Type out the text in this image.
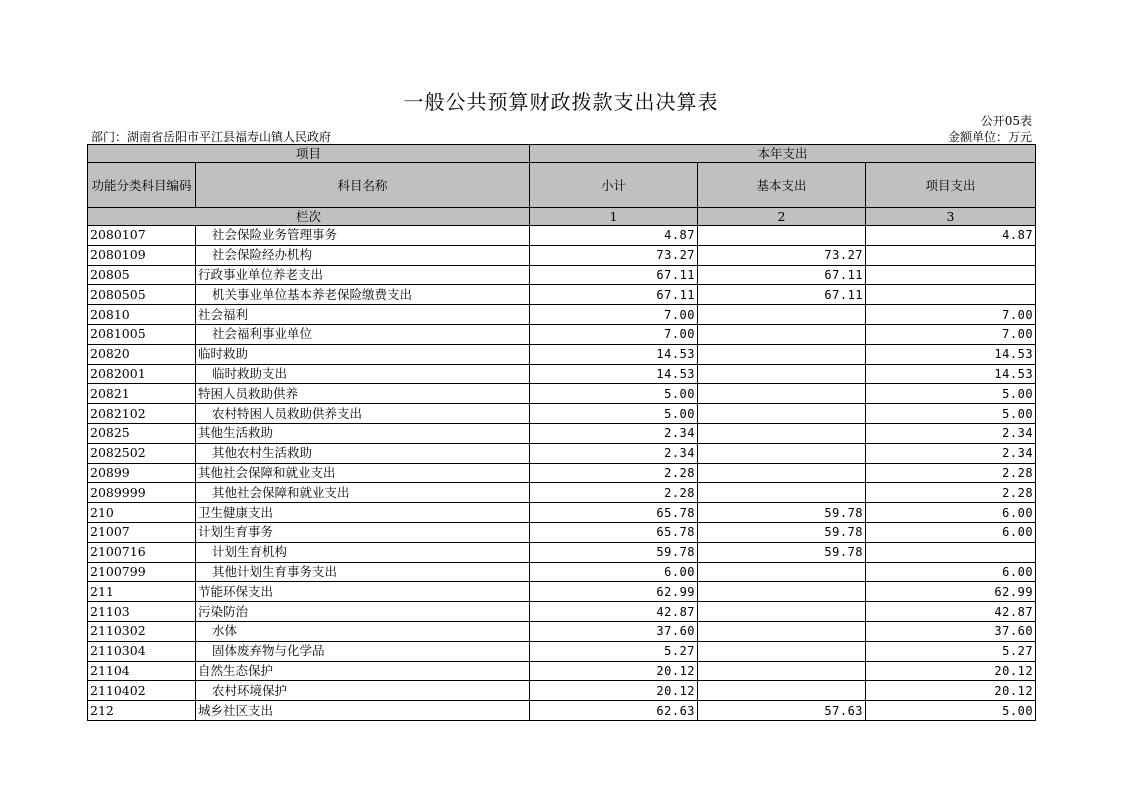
一般公共预算财政拨款支出决算表
公开05表
部门：湖南省岳阳市平江县福寿山镇人民政府	金额单位：万元
项目		本年支出		
功能分类科目编码	科目名称	小计	基本支出	项目支出
栏次		1	2	3
2080107	社会保险业务管理事务	4.87		4.87
2080109	社会保险经办机构	73.27	73.27	
20805	行政事业单位养老支出	67.11	67.11	
2080505	机关事业单位基本养老保险缴费支出	67.11	67.11	
20810	社会福利	7.00		7.00
2081005	社会福利事业单位	7.00		7.00
20820	临时救助	14.53		14.53
2082001	临时救助支出	14.53		14.53
20821	特困人员救助供养	5.00		5.00
2082102	农村特困人员救助供养支出	5.00		5.00
20825	其他生活救助	2.34		2.34
2082502	其他农村生活救助	2.34		2.34
20899	其他社会保障和就业支出	2.28		2.28
2089999	其他社会保障和就业支出	2.28		2.28
210	卫生健康支出	65.78	59.78	6.00
21007	计划生育事务	65.78	59.78	6.00
2100716	计划生育机构	59.78	59.78	
2100799	其他计划生育事务支出	6.00		6.00
211	节能环保支出	62.99		62.99
21103	污染防治	42.87		42.87
2110302	水体	37.60		37.60
2110304	固体废弃物与化学品	5.27		5.27
21104	自然生态保护	20.12		20.12
2110402	农村环境保护	20.12		20.12
212	城乡社区支出	62.63	57.63	5.00
